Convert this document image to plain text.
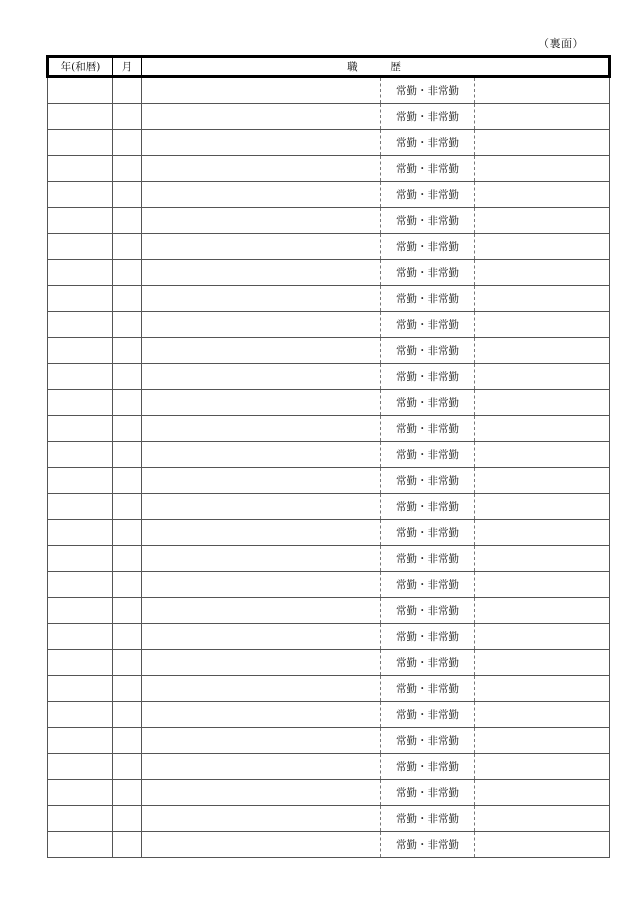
（裏面）
年(和暦)	月	職 歴		
			常勤・非常勤	
			常勤・非常勤	
			常勤・非常勤	
			常勤・非常勤	
			常勤・非常勤	
			常勤・非常勤	
			常勤・非常勤	
			常勤・非常勤	
			常勤・非常勤	
			常勤・非常勤	
			常勤・非常勤	
			常勤・非常勤	
			常勤・非常勤	
			常勤・非常勤	
			常勤・非常勤	
			常勤・非常勤	
			常勤・非常勤	
			常勤・非常勤	
			常勤・非常勤	
			常勤・非常勤	
			常勤・非常勤	
			常勤・非常勤	
			常勤・非常勤	
			常勤・非常勤	
			常勤・非常勤	
			常勤・非常勤	
			常勤・非常勤	
			常勤・非常勤	
			常勤・非常勤	
			常勤・非常勤	
